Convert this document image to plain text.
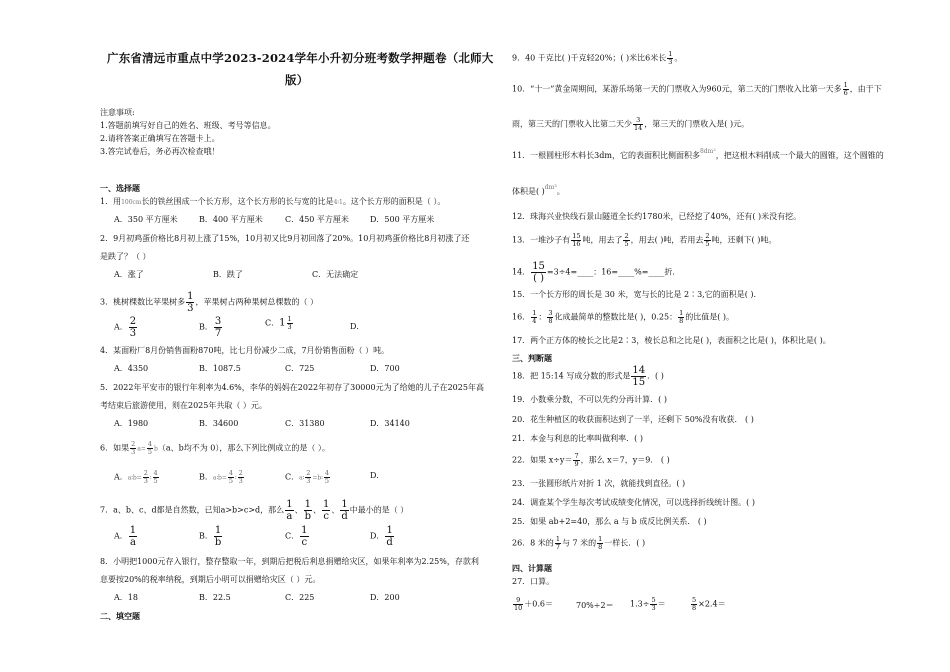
广东省清远市重点中学2023-2024学年小升初分班考数学押题卷（北师大
版）
注意事项:
1.答题前填写好自己的姓名、班级、考号等信息。
2.请将答案正确填写在答题卡上。
3.答完试卷后，务必再次检查哦！
一、选择题
1．用100cm长的铁丝围成一个长方形，这个长方形的长与宽的比是4∶1。这个长方形的面积是（ ）。
A．350 平方厘米	B．400 平方厘米	C．450 平方厘米	D．500 平方厘米
2．9月初鸡蛋价格比8月初上涨了15%，10月初又比9月初回落了20%。10月初鸡蛋价格比8月初涨了还
是跌了？（ ）
A．涨了	B．跌了	C．无法确定
3．桃树棵数比苹果树多 $\frac{1}{3}$ ，苹果树占两种果树总棵数的（ ）
A． $\frac{2}{3}$	B． $\frac{3}{7}$	C．$1 \frac{1}{3}$	D．
4．某面粉厂8月份销售面粉870吨，比七月份减少二成，7月份销售面粉（ ）吨。
A．4350	B．1087.5	C．725	D．700
5．2022年平安市的银行年利率为4.6%，李华的妈妈在2022年初存了30000元为了给她的儿子在2025年高
考结束后旅游使用，则在2025年共取（ ）元。
A．1980	B．34600	C．31380	D．34140
6．如果 $\frac{2}{3} a= \frac{4}{5} b(a$、b均不为 0），那么下列比例成立的是（ ）。
A．a∶b= $\frac{2}{3}$ ∶ $\frac{4}{5}$	B．a∶b= $\frac{4}{5}$ ∶ $\frac{2}{3}$	C．a∶ $\frac{2}{3}$ =b∶ $\frac{4}{5}$	D．
7．a、b、c、d都是自然数，已知a>b>c>d，那么 $\frac{1}{a}$ 、 $\frac{1}{b}$ 、 $\frac{1}{c}$ 、 $\frac{1}{d}$ 中最小的是（ ）
A． $\frac{1}{a}$	B． $\frac{1}{b}$	C． $\frac{1}{c}$	D． $\frac{1}{d}$
8．小明把1000元存入银行，整存整取一年，到期后把税后利息捐赠给灾区，如果年利率为2.25%，存款利
息要按20%的税率纳税，到期后小明可以捐赠给灾区（ ）元。
A．18	B．22.5	C．225	D．200
二、填空题
9．40 千克比( )千克轻20%；( )米比6米长 $\frac{1}{3}$ 。
10．“十一”黄金周期间，某游乐场第一天的门票收入为960元，第二天的门票收入比第一天多 $\frac{1}{6}$ ，由于下
雨，第三天的门票收入比第二天少 $\frac{3}{14}$ ，第三天的门票收入是( )元。
11．一根圆柱形木料长3dm，它的表面积比侧面积多$^{8dm^2}$，把这根木料削成一个最大的圆锥，这个圆锥的
体积是( )$^{dm^3}$。
12．珠海兴业快线石景山隧道全长约1780米，已经挖了40%，还有( )米没有挖。
13．一堆沙子有 $\frac{15}{16}$ 吨，用去了 $\frac{2}{5}$ ，用去( )吨，若用去 $\frac{2}{5}$ 吨，还剩下( )吨。
14． 15
( )
=3÷4=____：16=____%=____折．
15．一个长方形的周长是 30 米，宽与长的比是 2∶3,它的面积是( ).
16． $\frac{1}{4}$ ： $\frac{3}{8}$ 化成最简单的整数比是( )，0.25： $\frac{1}{8}$ 的比值是( )。
17．两个正方体的棱长之比是2∶3，棱长总和之比是( )，表面积之比是( )，体积比是( )。
三、判断题
18．把 15:14 写成分数的形式是 $\frac{14}{15}$ ．( )
19．小数乘分数，不可以先约分再计算．( )
20．花生种植区的收获面积达到了一半，还剩下 50%没有收获． ( )
21．本金与利息的比率叫做利率．( )
22．如果 $x\div y= \frac{7}{9}$ ，那么 x＝7，y＝9． ( )
23．一张圆形纸片对折 1 次，就能找到直径。( )
24．调查某个学生每次考试成绩变化情况，可以选择折线统计图。( )
25．如果 ab+2=40，那么 a 与 b 成反比例关系． ( )
26．8 米的 $\frac{1}{7}$ 与 7 米的 $\frac{1}{8}$ 一样长．( )
四、计算题
27．口算。
$\frac{9}{10} +0.6=$	$70\%\div 2= 1.3\div \frac{5}{3}$ ＝	$\frac{5}{8} \times 2.4=$
